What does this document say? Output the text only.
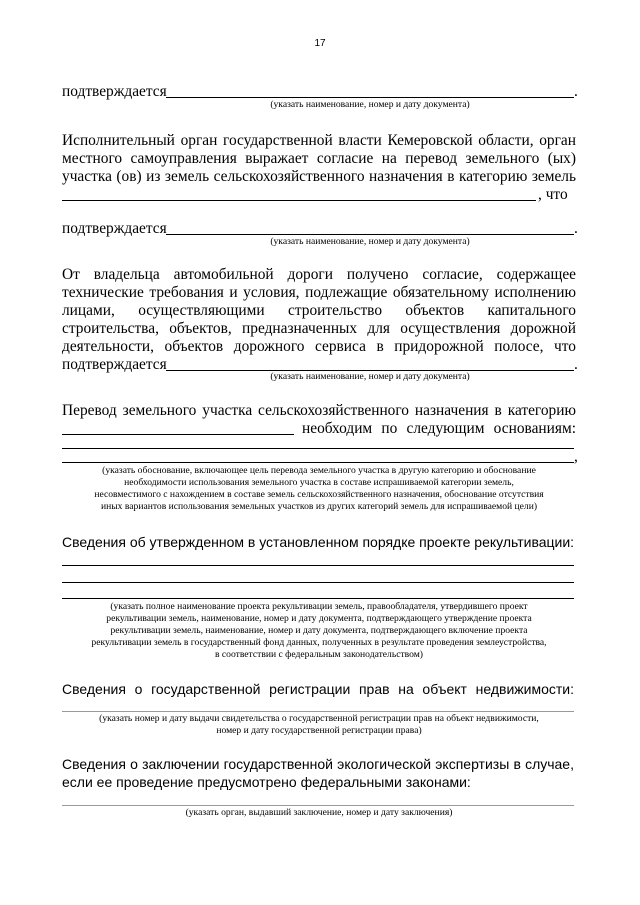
17
подтверждается	.
(указать наименование, номер и дату документа)
Исполнительный орган государственной власти Кемеровской области, орган
местного самоуправления выражает согласие на перевод земельного (ых)
участка (ов) из земель сельскохозяйственного назначения в категорию земель
, что
подтверждается	.
(указать наименование, номер и дату документа)
От владельца автомобильной дороги получено согласие, содержащее
технические требования и условия, подлежащие обязательному исполнению
лицами, осуществляющими строительство объектов капитального
строительства, объектов, предназначенных для осуществления дорожной
деятельности, объектов дорожного сервиса в придорожной полосе, что
подтверждается	.
(указать наименование, номер и дату документа)
Перевод земельного участка сельскохозяйственного назначения в категорию
необходим по следующим основаниям:
,
(указать обоснование, включающее цель перевода земельного участка в другую категорию и обоснование
необходимости использования земельного участка в составе испрашиваемой категории земель,
несовместимого с нахождением в составе земель сельскохозяйственного назначения, обоснование отсутствия
иных вариантов использования земельных участков из других категорий земель для испрашиваемой цели)
Сведения об утвержденном в установленном порядке проекте рекультивации:
(указать полное наименование проекта рекультивации земель, правообладателя, утвердившего проект
рекультивации земель, наименование, номер и дату документа, подтверждающего утверждение проекта
рекультивации земель, наименование, номер и дату документа, подтверждающего включение проекта
рекультивации земель в государственный фонд данных, полученных в результате проведения землеустройства,
в соответствии с федеральным законодательством)
Сведения о государственной регистрации прав на объект недвижимости:
(указать номер и дату выдачи свидетельства о государственной регистрации прав на объект недвижимости,
номер и дату государственной регистрации права)
Сведения о заключении государственной экологической экспертизы в случае,
если ее проведение предусмотрено федеральными законами:
(указать орган, выдавший заключение, номер и дату заключения)
